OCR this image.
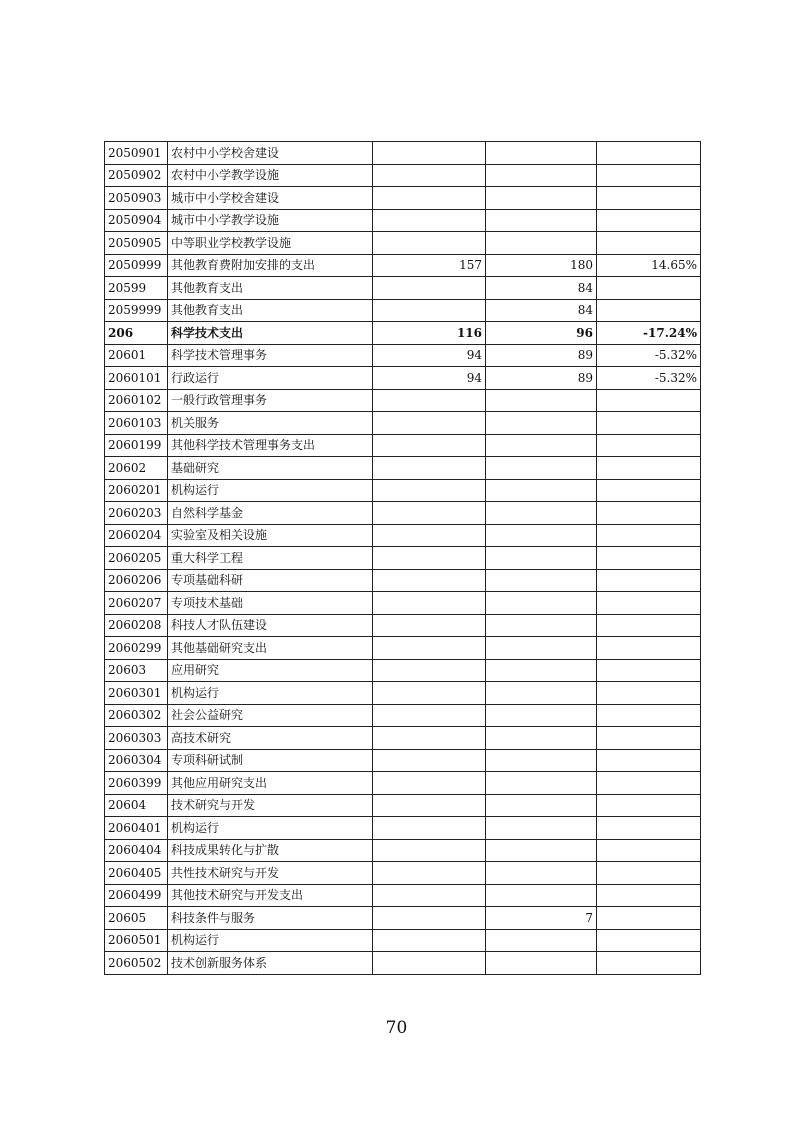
2050901	农村中小学校舍建设			
2050902	农村中小学教学设施			
2050903	城市中小学校舍建设			
2050904	城市中小学教学设施			
2050905	中等职业学校教学设施			
2050999	其他教育费附加安排的支出	157	180	14.65%
20599	其他教育支出		84	
2059999	其他教育支出		84	
206	科学技术支出	116	96	-17.24%
20601	科学技术管理事务	94	89	-5.32%
2060101	行政运行	94	89	-5.32%
2060102	一般行政管理事务			
2060103	机关服务			
2060199	其他科学技术管理事务支出			
20602	基础研究			
2060201	机构运行			
2060203	自然科学基金			
2060204	实验室及相关设施			
2060205	重大科学工程			
2060206	专项基础科研			
2060207	专项技术基础			
2060208	科技人才队伍建设			
2060299	其他基础研究支出			
20603	应用研究			
2060301	机构运行			
2060302	社会公益研究			
2060303	高技术研究			
2060304	专项科研试制			
2060399	其他应用研究支出			
20604	技术研究与开发			
2060401	机构运行			
2060404	科技成果转化与扩散			
2060405	共性技术研究与开发			
2060499	其他技术研究与开发支出			
20605	科技条件与服务		7	
2060501	机构运行			
2060502	技术创新服务体系			
70
